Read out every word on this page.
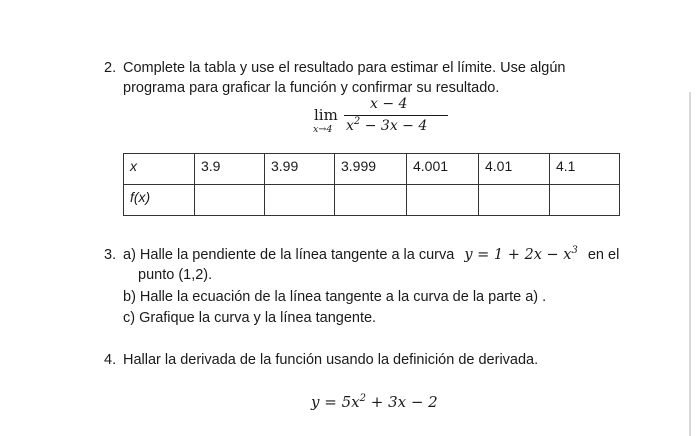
2. Complete la tabla y use el resultado para estimar el límite. Use algún
programa para graficar la función y confirmar su resultado.
lim
x→4
x − 4
$x^2 - 3x - 4$
x	3.9	3.99	3.999	4.001	4.01	4.1
f(x)						
3. a) Halle la pendiente de la línea tangente a la curva $y = 1 + 2x - x^3$ en el
punto (1,2).
b) Halle la ecuación de la línea tangente a la curva de la parte a) .
c) Grafique la curva y la línea tangente.
4. Hallar la derivada de la función usando la definición de derivada.
$y = 5x^2 + 3x - 2$
